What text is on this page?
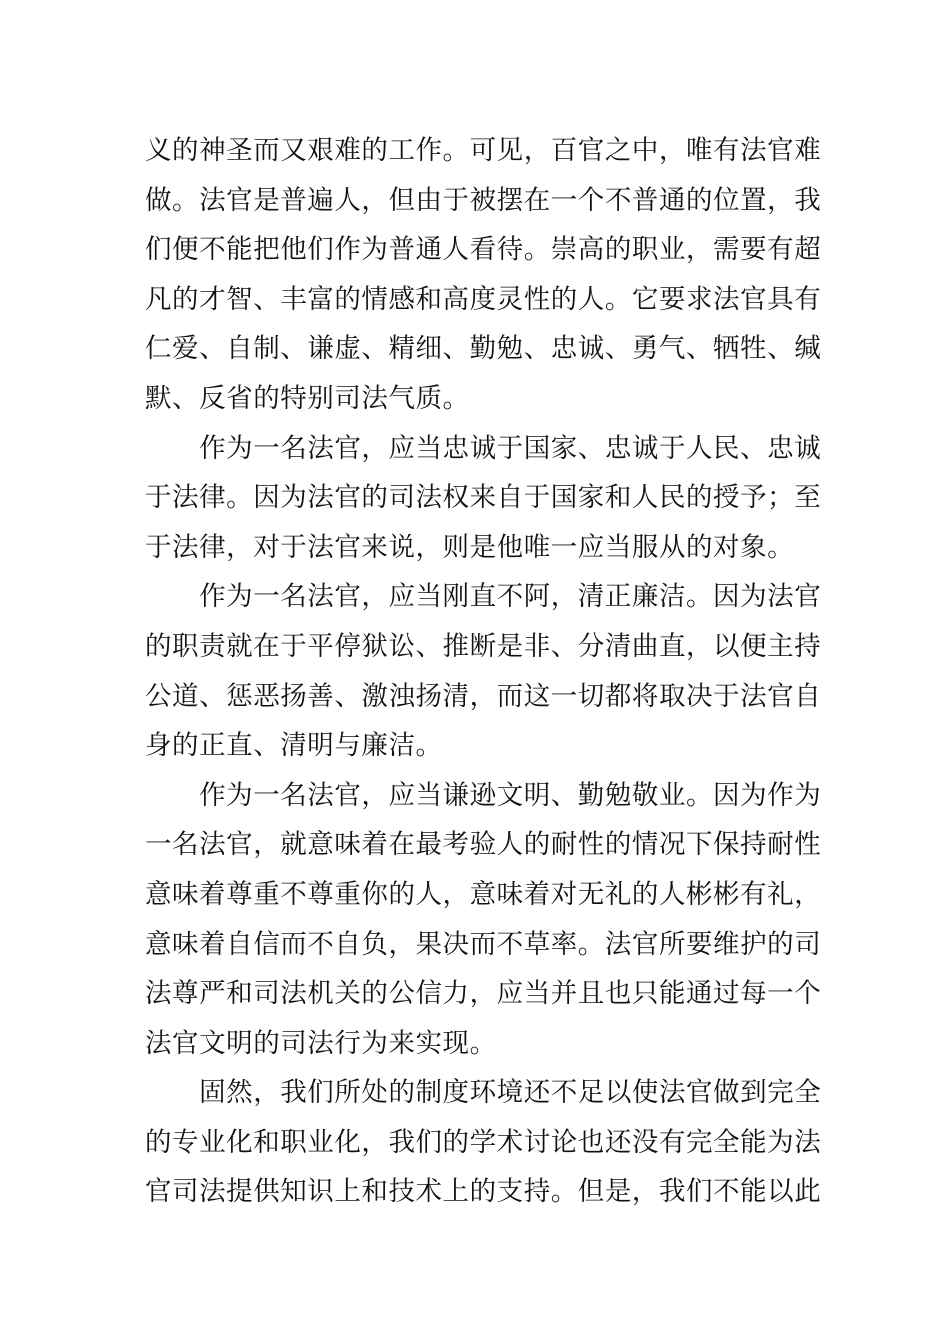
义的神圣而又艰难的工作。可见，百官之中，唯有法官难
做。法官是普遍人，但由于被摆在一个不普通的位置，我
们便不能把他们作为普通人看待。崇高的职业，需要有超
凡的才智、丰富的情感和高度灵性的人。它要求法官具有
仁爱、自制、谦虚、精细、勤勉、忠诚、勇气、牺牲、缄
默、反省的特别司法气质。

　　作为一名法官，应当忠诚于国家、忠诚于人民、忠诚
于法律。因为法官的司法权来自于国家和人民的授予；至
于法律，对于法官来说，则是他唯一应当服从的对象。

　　作为一名法官，应当刚直不阿，清正廉洁。因为法官
的职责就在于平停狱讼、推断是非、分清曲直，以便主持
公道、惩恶扬善、激浊扬清，而这一切都将取决于法官自
身的正直、清明与廉洁。

　　作为一名法官，应当谦逊文明、勤勉敬业。因为作为
一名法官，就意味着在最考验人的耐性的情况下保持耐性
意味着尊重不尊重你的人，意味着对无礼的人彬彬有礼，
意味着自信而不自负，果决而不草率。法官所要维护的司
法尊严和司法机关的公信力，应当并且也只能通过每一个
法官文明的司法行为来实现。

　　固然，我们所处的制度环境还不足以使法官做到完全
的专业化和职业化，我们的学术讨论也还没有完全能为法
官司法提供知识上和技术上的支持。但是，我们不能以此
